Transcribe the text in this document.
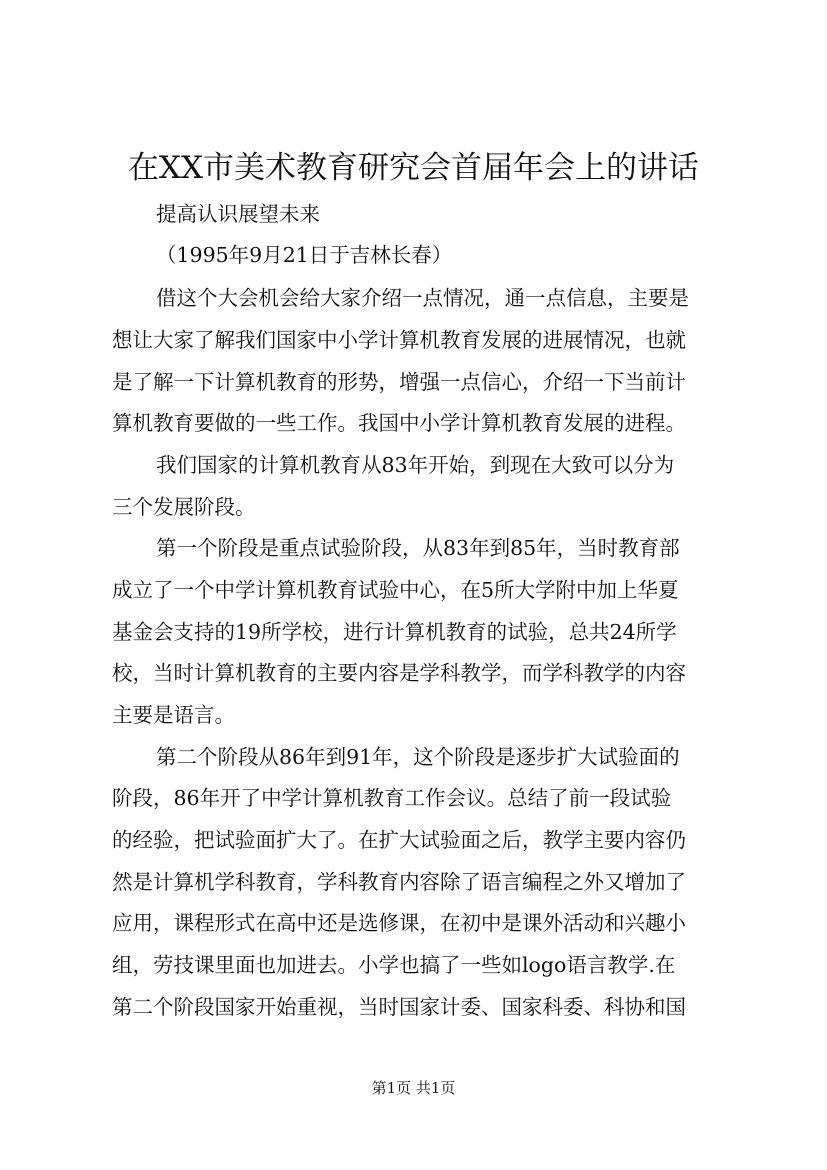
在XX市美术教育研究会首届年会上的讲话
提高认识展望未来
（1995年9月21日于吉林长春）
借这个大会机会给大家介绍一点情况，通一点信息，主要是
想让大家了解我们国家中小学计算机教育发展的进展情况，也就
是了解一下计算机教育的形势，增强一点信心，介绍一下当前计
算机教育要做的一些工作。我国中小学计算机教育发展的进程。
我们国家的计算机教育从83年开始，到现在大致可以分为
三个发展阶段。
第一个阶段是重点试验阶段，从83年到85年，当时教育部
成立了一个中学计算机教育试验中心，在5所大学附中加上华夏
基金会支持的19所学校，进行计算机教育的试验，总共24所学
校，当时计算机教育的主要内容是学科教学，而学科教学的内容
主要是语言。
第二个阶段从86年到91年，这个阶段是逐步扩大试验面的
阶段，86年开了中学计算机教育工作会议。总结了前一段试验
的经验，把试验面扩大了。在扩大试验面之后，教学主要内容仍
然是计算机学科教育，学科教育内容除了语言编程之外又增加了
应用，课程形式在高中还是选修课，在初中是课外活动和兴趣小
组，劳技课里面也加进去。小学也搞了一些如logo语言教学.在
第二个阶段国家开始重视，当时国家计委、国家科委、科协和国
第1页 共1页
